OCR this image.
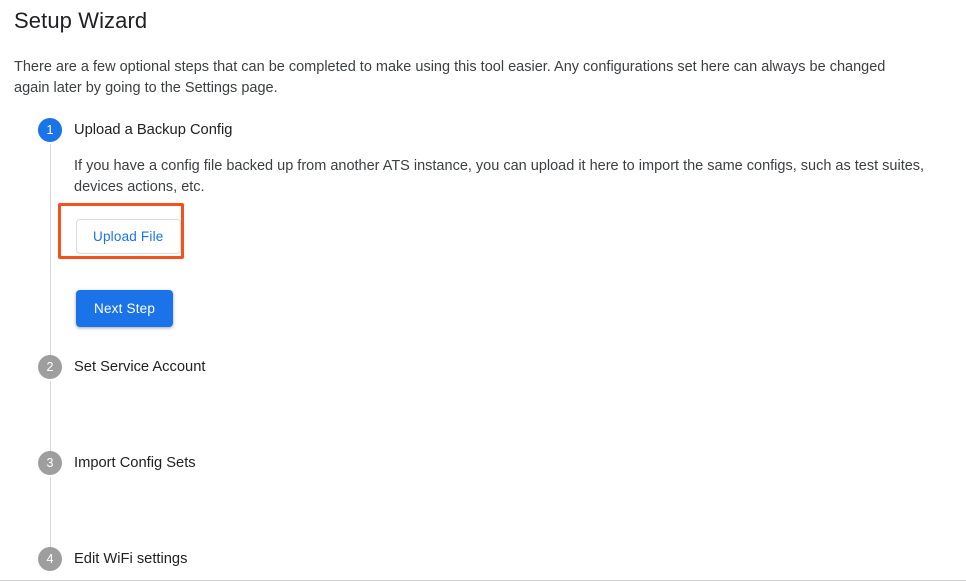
Setup Wizard
There are a few optional steps that can be completed to make using this tool easier. Any configurations set here can always be changed again later by going to the Settings page.
1	Upload a Backup Config
If you have a config file backed up from another ATS instance, you can upload it here to import the same configs, such as test suites, devices actions, etc.
Upload File
Next Step
2	Set Service Account
3	Import Config Sets
4	Edit WiFi settings
